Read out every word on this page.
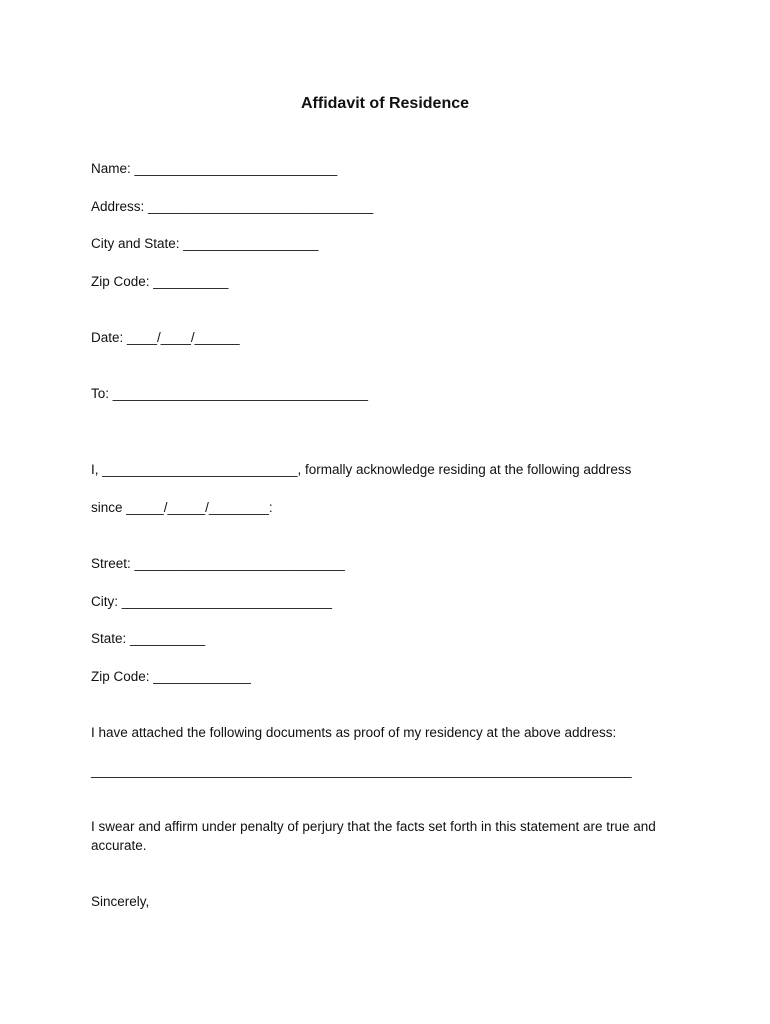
Affidavit of Residence
Name: ___________________________
Address: ______________________________
City and State: __________________
Zip Code: __________
Date: ____/____/______
To: __________________________________
I, __________________________, formally acknowledge residing at the following address
since _____/_____/________:
Street: ____________________________
City: ____________________________
State: __________
Zip Code: _____________
I have attached the following documents as proof of my residency at the above address:
________________________________________________________________________
I swear and affirm under penalty of perjury that the facts set forth in this statement are true and accurate.
Sincerely,
